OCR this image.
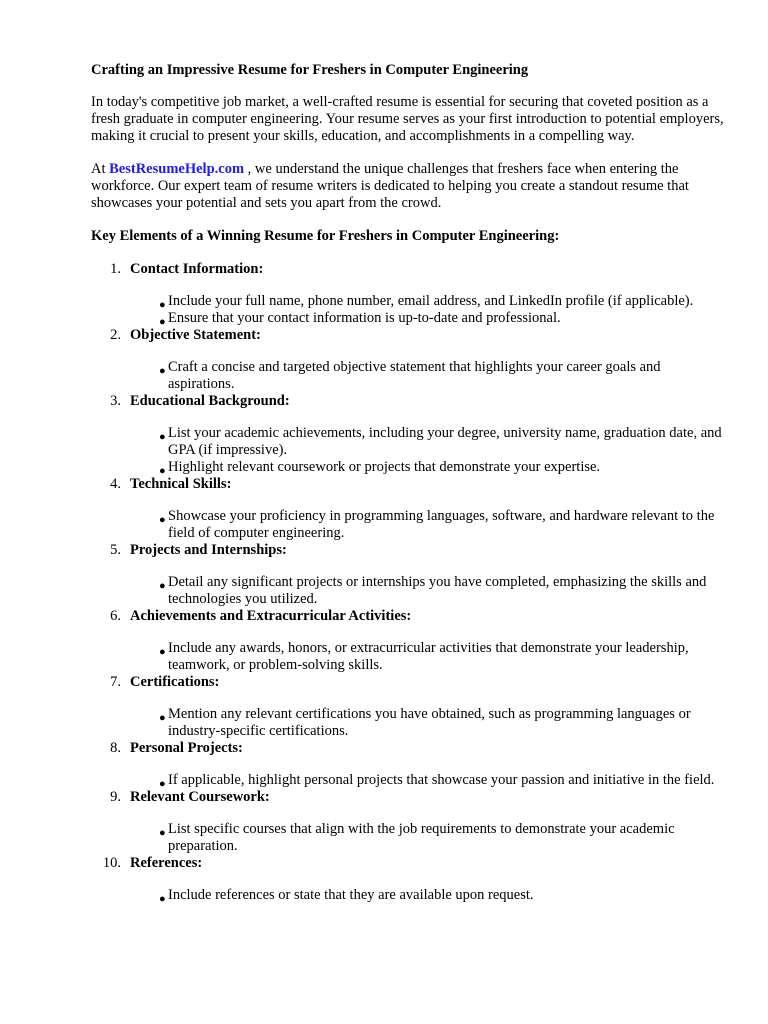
Crafting an Impressive Resume for Freshers in Computer Engineering

In today's competitive job market, a well-crafted resume is essential for securing that coveted position as a fresh graduate in computer engineering. Your resume serves as your first introduction to potential employers, making it crucial to present your skills, education, and accomplishments in a compelling way.

At BestResumeHelp.com , we understand the unique challenges that freshers face when entering the workforce. Our expert team of resume writers is dedicated to helping you create a standout resume that showcases your potential and sets you apart from the crowd.

Key Elements of a Winning Resume for Freshers in Computer Engineering:
1. Contact Information:
● Include your full name, phone number, email address, and LinkedIn profile (if applicable).
● Ensure that your contact information is up-to-date and professional.
2. Objective Statement:
● Craft a concise and targeted objective statement that highlights your career goals and aspirations.
3. Educational Background:
● List your academic achievements, including your degree, university name, graduation date, and GPA (if impressive).
● Highlight relevant coursework or projects that demonstrate your expertise.
4. Technical Skills:
● Showcase your proficiency in programming languages, software, and hardware relevant to the field of computer engineering.
5. Projects and Internships:
● Detail any significant projects or internships you have completed, emphasizing the skills and technologies you utilized.
6. Achievements and Extracurricular Activities:
● Include any awards, honors, or extracurricular activities that demonstrate your leadership, teamwork, or problem-solving skills.
7. Certifications:
● Mention any relevant certifications you have obtained, such as programming languages or industry-specific certifications.
8. Personal Projects:
● If applicable, highlight personal projects that showcase your passion and initiative in the field.
9. Relevant Coursework:
● List specific courses that align with the job requirements to demonstrate your academic preparation.
10. References:
● Include references or state that they are available upon request.
